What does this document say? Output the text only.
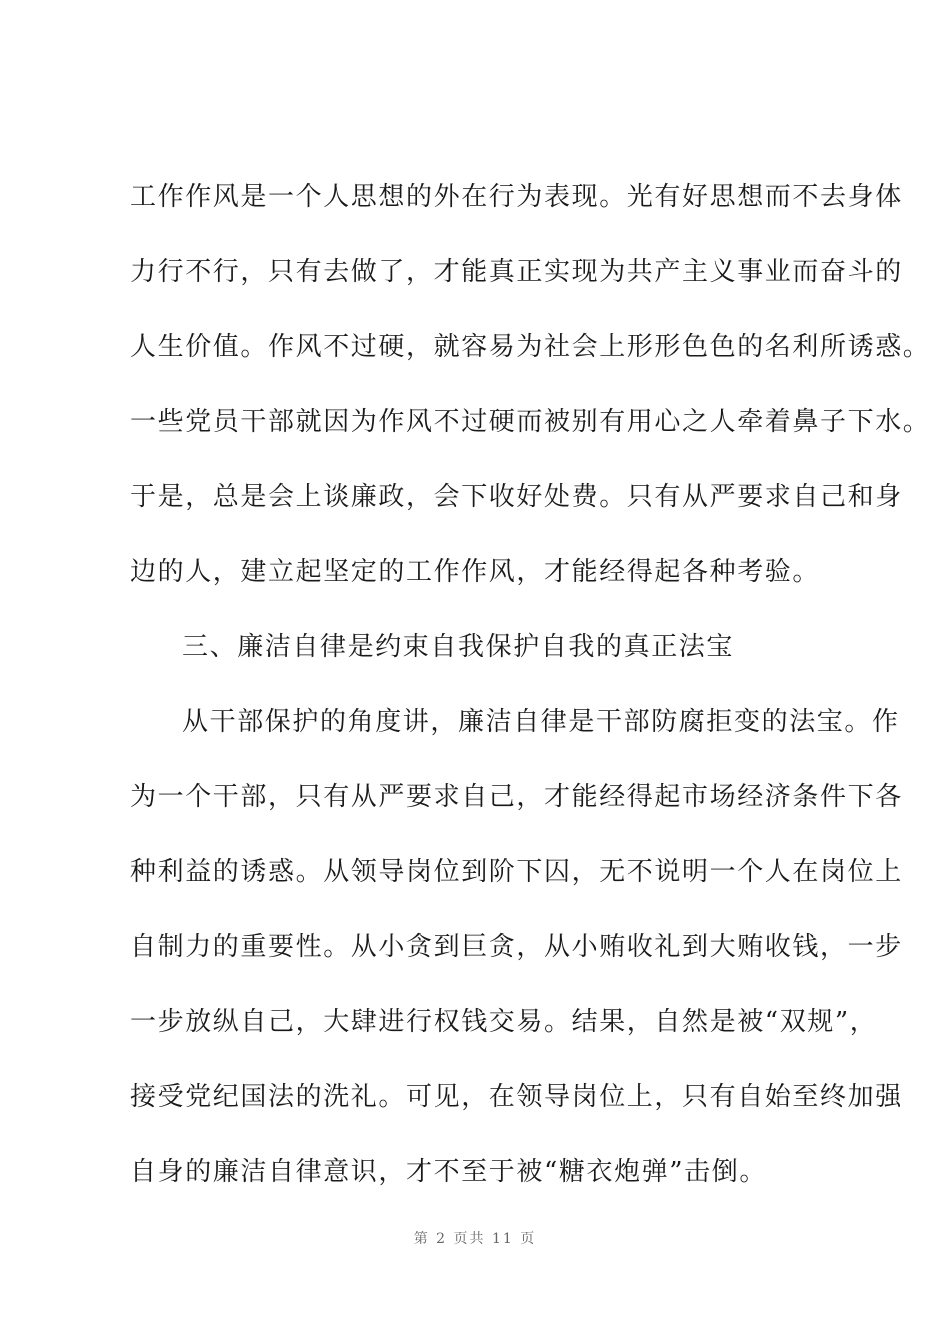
工作作风是一个人思想的外在行为表现。光有好思想而不去身体
力行不行，只有去做了，才能真正实现为共产主义事业而奋斗的
人生价值。作风不过硬，就容易为社会上形形色色的名利所诱惑。
一些党员干部就因为作风不过硬而被别有用心之人牵着鼻子下水。
于是，总是会上谈廉政，会下收好处费。只有从严要求自己和身
边的人，建立起坚定的工作作风，才能经得起各种考验。
三、廉洁自律是约束自我保护自我的真正法宝
从干部保护的角度讲，廉洁自律是干部防腐拒变的法宝。作
为一个干部，只有从严要求自己，才能经得起市场经济条件下各
种利益的诱惑。从领导岗位到阶下囚，无不说明一个人在岗位上
自制力的重要性。从小贪到巨贪，从小贿收礼到大贿收钱，一步
一步放纵自己，大肆进行权钱交易。结果，自然是被“双规”，
接受党纪国法的洗礼。可见，在领导岗位上，只有自始至终加强
自身的廉洁自律意识，才不至于被“糖衣炮弹”击倒。
第 2 页共 11 页
